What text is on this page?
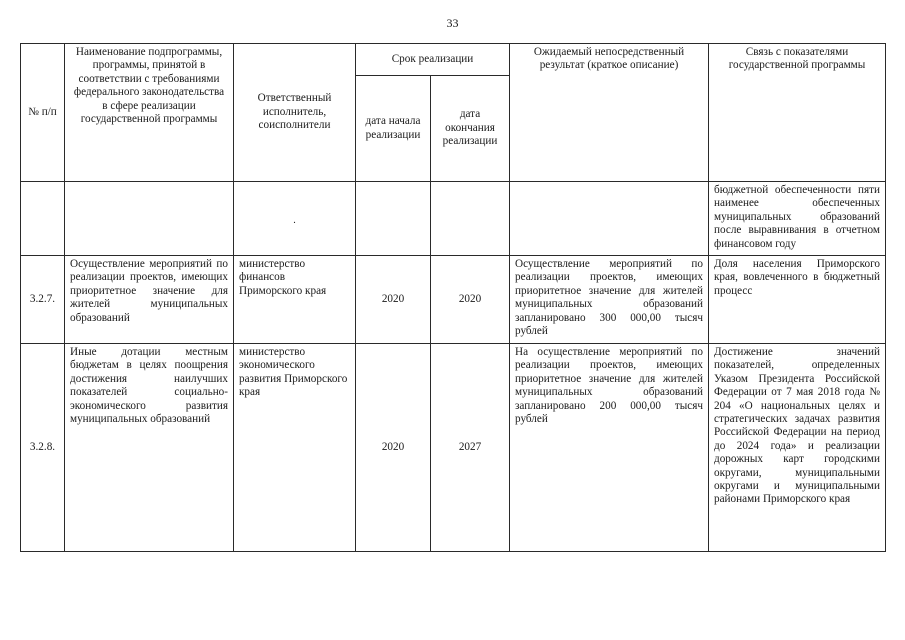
33
№ п/п	Наименование подпрограммы, программы, принятой в соответствии с требованиями федерального законодательства в сфере реализации государственной программы	Ответственный исполнитель, соисполнители	Срок реализации		Ожидаемый непосредственный результат (краткое описание)	Связь с показателями государственной программы
			дата начала реализации	дата окончания реализации		

		.				бюджетной обеспеченности пяти наименее обеспеченных муниципальных образований после выравнивания в отчетном финансовом году
3.2.7.	Осуществление мероприятий по реализации проектов, имеющих приоритетное значение для жителей муниципальных образований	министерство финансов Приморского края	2020	2020	Осуществление мероприятий по реализации проектов, имеющих приоритетное значение для жителей муниципальных образований запланировано 300 000,00 тысяч рублей	Доля населения Приморского края, вовлеченного в бюджетный процесс
3.2.8.	Иные дотации местным бюджетам в целях поощрения достижения наилучших показателей социально-экономического развития муниципальных образований	министерство экономического развития Приморского края	2020	2027	На осуществление мероприятий по реализации проектов, имеющих приоритетное значение для жителей муниципальных образований запланировано 200 000,00 тысяч рублей	Достижение значений показателей, определенных Указом Президента Российской Федерации от 7 мая 2018 года № 204 «О национальных целях и стратегических задачах развития Российской Федерации на период до 2024 года» и реализации дорожных карт городскими округами, муниципальными округами и муниципальными районами Приморского края
